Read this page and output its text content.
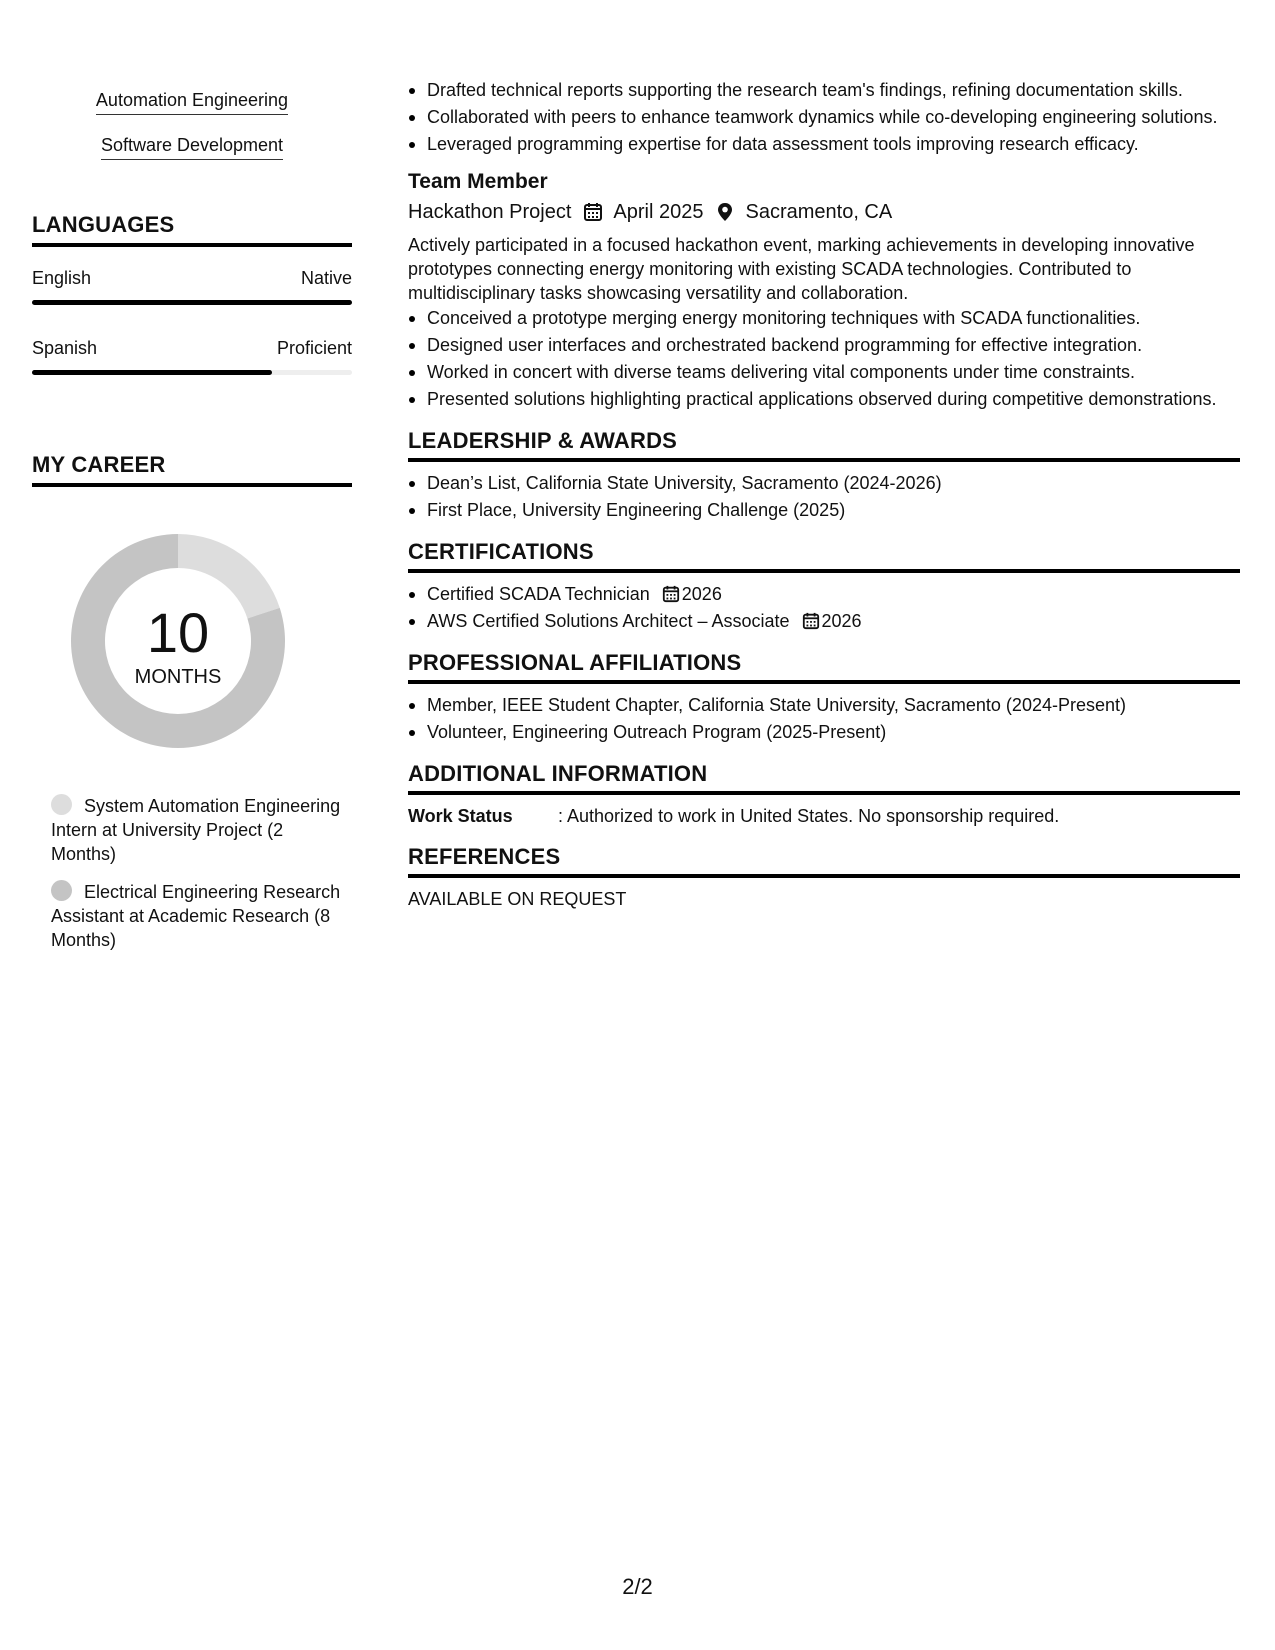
Automation Engineering
Software Development
LANGUAGES
English	Native
Spanish	Proficient
MY CAREER
10
MONTHS
System Automation Engineering Intern at University Project (2 Months)
Electrical Engineering Research Assistant at Academic Research (8 Months)
Drafted technical reports supporting the research team's findings, refining documentation skills.
Collaborated with peers to enhance teamwork dynamics while co-developing engineering solutions.
Leveraged programming expertise for data assessment tools improving research efficacy.
Team Member
Hackathon Project April 2025 Sacramento, CA

Actively participated in a focused hackathon event, marking achievements in developing innovative prototypes connecting energy monitoring with existing SCADA technologies. Contributed to multidisciplinary tasks showcasing versatility and collaboration.

Conceived a prototype merging energy monitoring techniques with SCADA functionalities.
Designed user interfaces and orchestrated backend programming for effective integration.
Worked in concert with diverse teams delivering vital components under time constraints.
Presented solutions highlighting practical applications observed during competitive demonstrations.
LEADERSHIP & AWARDS
Dean’s List, California State University, Sacramento (2024-2026)
First Place, University Engineering Challenge (2025)
CERTIFICATIONS
Certified SCADA Technician 2026
AWS Certified Solutions Architect – Associate 2026
PROFESSIONAL AFFILIATIONS
Member, IEEE Student Chapter, California State University, Sacramento (2024-Present)
Volunteer, Engineering Outreach Program (2025-Present)
ADDITIONAL INFORMATION
Work Status	: Authorized to work in United States. No sponsorship required.
REFERENCES
AVAILABLE ON REQUEST
2/2
